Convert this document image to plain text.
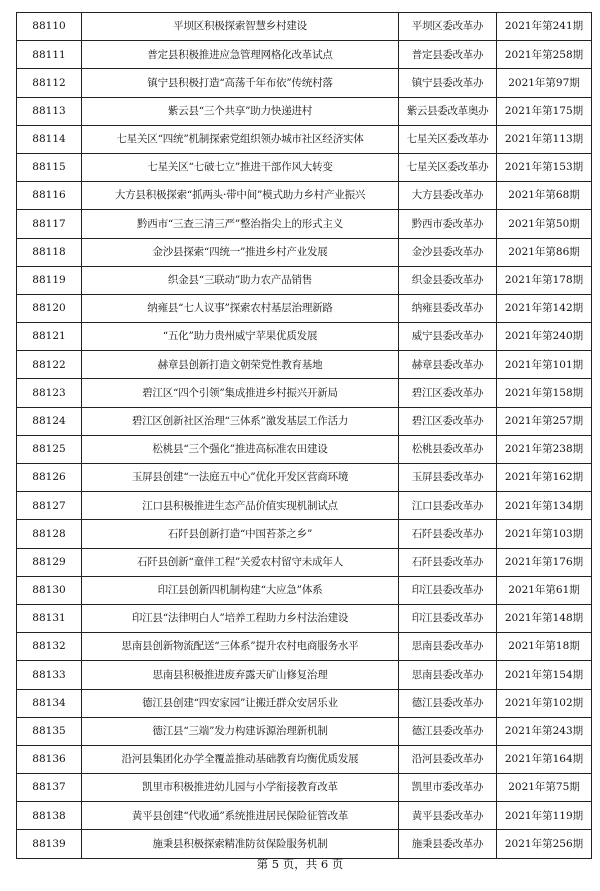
88110	平坝区积极探索智慧乡村建设	平坝区委改革办	2021年第241期
88111	普定县积极推进应急管理网格化改革试点	普定县委改革办	2021年第258期
88112	镇宁县积极打造“高荡千年布依”传统村落	镇宁县委改革办	2021年第97期
88113	紫云县“三个共享”助力快递进村	紫云县委改革奥办	2021年第175期
88114	七星关区“四统”机制探索党组织领办城市社区经济实体	七星关区委改革办	2021年第113期
88115	七星关区“七破七立”推进干部作风大转变	七星关区委改革办	2021年第153期
88116	大方县积极探索“抓两头·带中间”模式助力乡村产业振兴	大方县委改革办	2021年第68期
88117	黔西市“三查三清三严”整治指尖上的形式主义	黔西市委改革办	2021年第50期
88118	金沙县探索“四统一”推进乡村产业发展	金沙县委改革办	2021年第86期
88119	织金县“三联动”助力农产品销售	织金县委改革办	2021年第178期
88120	纳雍县“七人议事”探索农村基层治理新路	纳雍县委改革办	2021年第142期
88121	“五化”助力贵州威宁苹果优质发展	威宁县委改革办	2021年第240期
88122	赫章县创新打造文朝荣党性教育基地	赫章县委改革办	2021年第101期
88123	碧江区“四个引领”集成推进乡村振兴开新局	碧江区委改革办	2021年第158期
88124	碧江区创新社区治理“三体系”激发基层工作活力	碧江区委改革办	2021年第257期
88125	松桃县“三个强化”推进高标准农田建设	松桃县委改革办	2021年第238期
88126	玉屏县创建“一法庭五中心”优化开发区营商环境	玉屏县委改革办	2021年第162期
88127	江口县积极推进生态产品价值实现机制试点	江口县委改革办	2021年第134期
88128	石阡县创新打造“中国苔茶之乡”	石阡县委改革办	2021年第103期
88129	石阡县创新“童伴工程”关爱农村留守未成年人	石阡县委改革办	2021年第176期
88130	印江县创新四机制构建“大应急”体系	印江县委改革办	2021年第61期
88131	印江县“法律明白人”培养工程助力乡村法治建设	印江县委改革办	2021年第148期
88132	思南县创新物流配送“三体系”提升农村电商服务水平	思南县委改革办	2021年第18期
88133	思南县积极推进废弃露天矿山修复治理	思南县委改革办	2021年第154期
88134	德江县创建“四安家园”让搬迁群众安居乐业	德江县委改革办	2021年第102期
88135	德江县“三端”发力构建诉源治理新机制	德江县委改革办	2021年第243期
88136	沿河县集团化办学全覆盖推动基础教育均衡优质发展	沿河县委改革办	2021年第164期
88137	凯里市积极推进幼儿园与小学衔接教育改革	凯里市委改革办	2021年第75期
88138	黄平县创建“代收通”系统推进居民保险征管改革	黄平县委改革办	2021年第119期
88139	施秉县积极探索精准防贫保险服务机制	施秉县委改革办	2021年第256期
第 5 页，共 6 页
